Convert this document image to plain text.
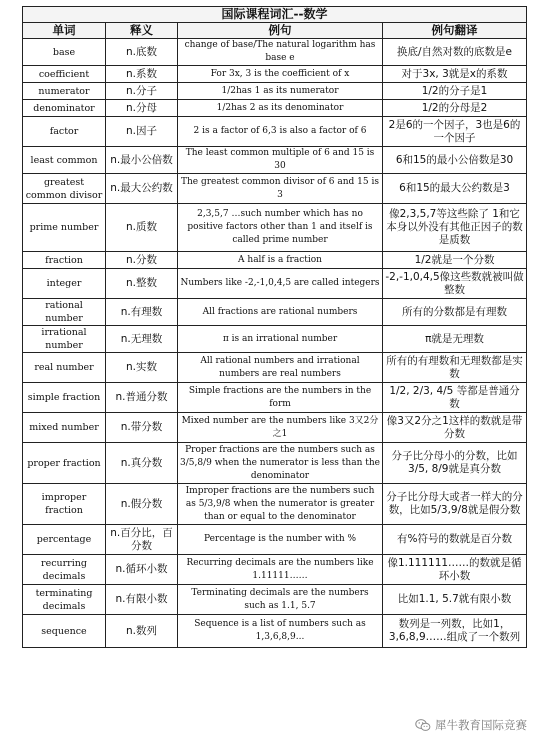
国际课程词汇--数学			
单词	释义	例句	例句翻译
base	n.底数	change of base/The natural logarithm has base e	换底/自然对数的底数是e
coefficient	n.系数	For 3x, 3 is the coefficient of x	对于3x, 3就是x的系数
numerator	n.分子	1/2has 1 as its numerator	1/2的分子是1
denominator	n.分母	1/2has 2 as its denominator	1/2的分母是2
factor	n.因子	2 is a factor of 6,3 is also a factor of 6	2是6的一个因子，3也是6的一个因子
least common	n.最小公倍数	The least common multiple of 6 and 15 is 30	6和15的最小公倍数是30
greatest common divisor	n.最大公约数	The greatest common divisor of 6 and 15 is 3	6和15的最大公约数是3
prime number	n.质数	2,3,5,7 …such number which has no positive factors other than 1 and itself is called prime number	像2,3,5,7等这些除了 1和它本身以外没有其他正因子的数是质数
fraction	n.分数	A half is a fraction	1/2就是一个分数
integer	n.整数	Numbers like -2,-1,0,4,5 are called integers	-2,-1,0,4,5像这些数就被叫做整数
rational number	n.有理数	All fractions are rational numbers	所有的分数都是有理数
irrational number	n.无理数	π is an irrational number	π就是无理数
real number	n.实数	All rational numbers and irrational numbers are real numbers	所有的有理数和无理数都是实数
simple fraction	n.普通分数	Simple fractions are the numbers in the form	1/2, 2/3, 4/5 等都是普通分数
mixed number	n.带分数	Mixed number are the numbers like 3又2分之1	像3又2分之1这样的数就是带分数
proper fraction	n.真分数	Proper fractions are the numbers such as 3/5,8/9 when the numerator is less than the denominator	分子比分母小的分数，比如3/5, 8/9就是真分数
improper fraction	n.假分数	Improper fractions are the numbers such as 5/3,9/8 when the numerator is greater than or equal to the denominator	分子比分母大或者一样大的分数，比如5/3,9/8就是假分数
percentage	n.百分比，百分数	Percentage is the number with %	有%符号的数就是百分数
recurring decimals	n.循环小数	Recurring decimals are the numbers like 1.11111……	像1.111111……的数就是循环小数
terminating decimals	n.有限小数	Terminating decimals are the numbers such as 1.1, 5.7	比如1.1, 5.7就有限小数
sequence	n.数列	Sequence is a list of numbers such as 1,3,6,8,9...	数列是一列数，比如1，3,6,8,9……组成了一个数列
犀牛教育国际竞赛
